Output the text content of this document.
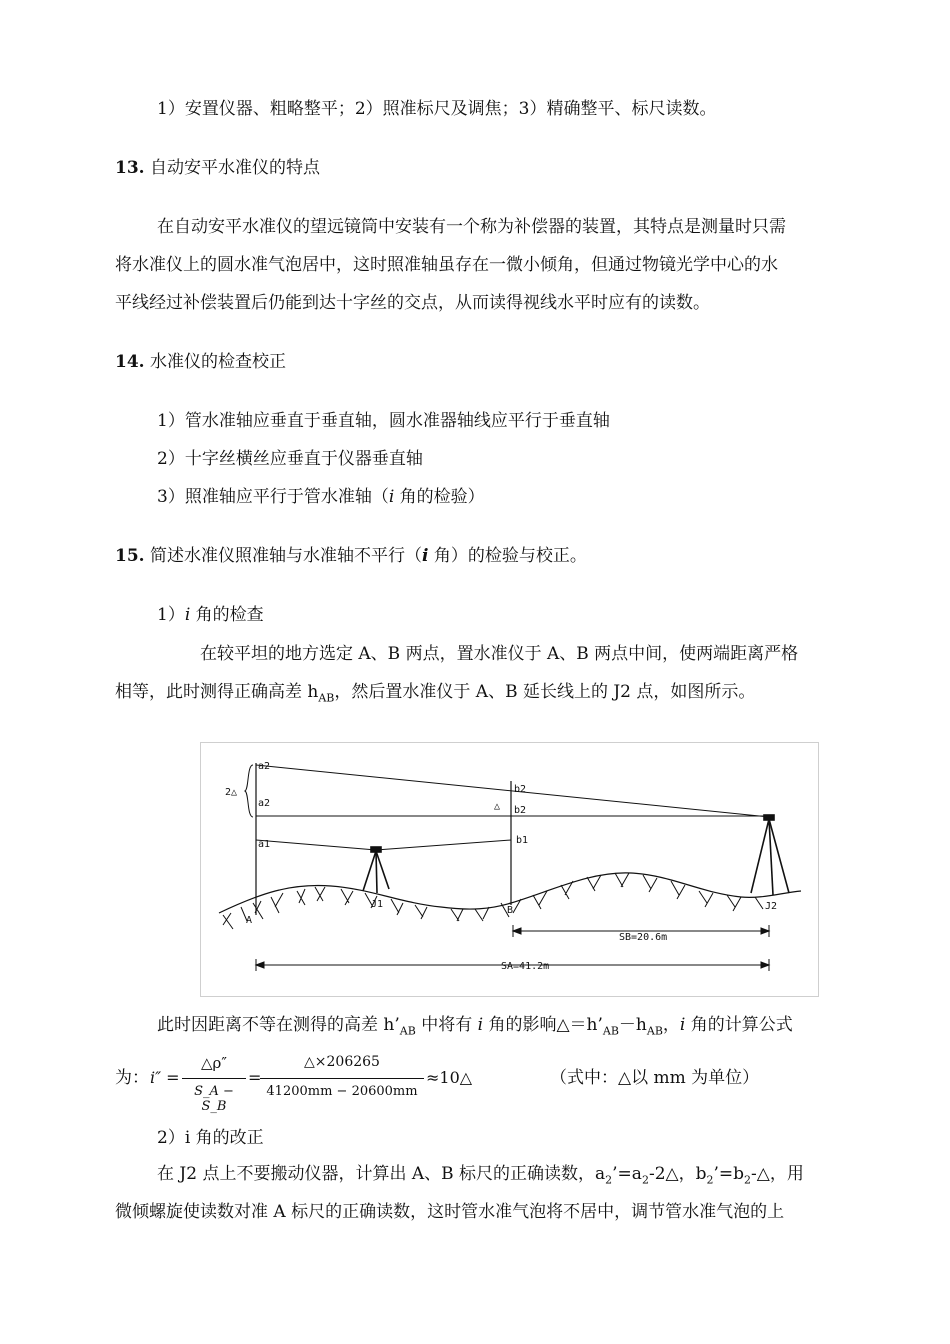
1）安置仪器、粗略整平；2）照准标尺及调焦；3）精确整平、标尺读数。
13. 自动安平水准仪的特点
在自动安平水准仪的望远镜筒中安装有一个称为补偿器的装置，其特点是测量时只需
将水准仪上的圆水准气泡居中，这时照准轴虽存在一微小倾角，但通过物镜光学中心的水
平线经过补偿装置后仍能到达十字丝的交点，从而读得视线水平时应有的读数。
14. 水准仪的检查校正
1）管水准轴应垂直于垂直轴，圆水准器轴线应平行于垂直轴
2）十字丝横丝应垂直于仪器垂直轴
3）照准轴应平行于管水准轴（i 角的检验）
15. 简述水准仪照准轴与水准轴不平行（i 角）的检验与校正。
1）i 角的检查
在较平坦的地方选定 A、B 两点，置水准仪于 A、B 两点中间，使两端距离严格
相等，此时测得正确高差 $h_{AB}$，然后置水准仪于 A、B 延长线上的 J2 点，如图所示。
a2
a2
a1
2△	b2
b2
b1
△
A
B
J1	J2
SB=20.6m
SA=41.2m
此时因距离不等在测得的高差 $h’_{AB}$ 中将有 i 角的影响$\triangle=h’_{AB}-h_{AB}$，i 角的计算公式
为： i″ =
△ρ″
S_A − S_B
=
△×206265
41200mm − 20600mm
≈10△	（式中：△以 mm 为单位）
2）i 角的改正
在 J2 点上不要搬动仪器，计算出 A、B 标尺的正确读数，$a_2’=a_2-2\triangle$，$b_2’=b_2-\triangle$，用
微倾螺旋使读数对准 A 标尺的正确读数，这时管水准气泡将不居中，调节管水准气泡的上
